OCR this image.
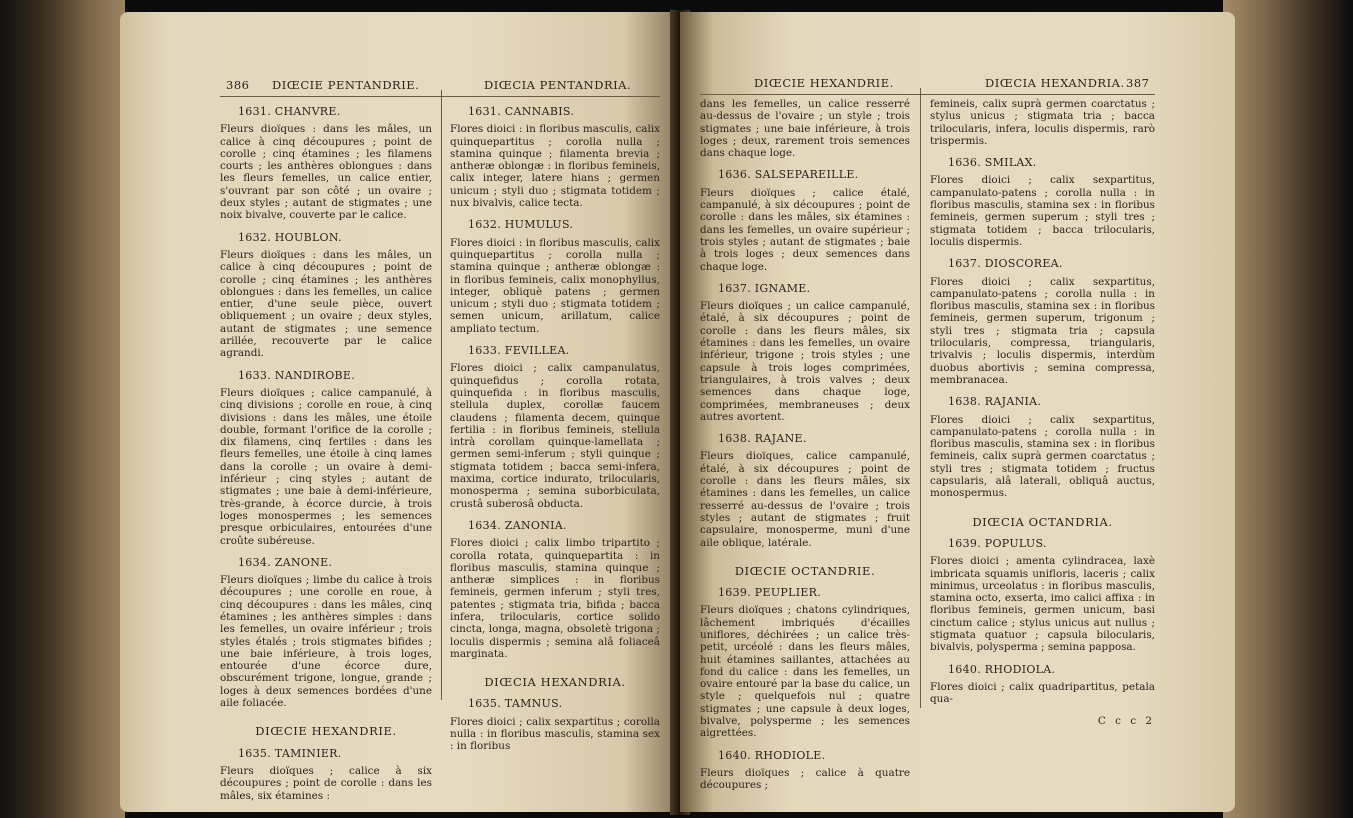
386 DIŒCIE PENTANDRIE.	DIŒCIA PENTANDRIA.
1631. CHANVRE.
Fleurs dioïques : dans les mâles, un calice à cinq découpures ; point de corolle ; cinq étamines ; les filamens courts ; les anthères oblongues : dans les fleurs femelles, un calice entier, s'ouvrant par son côté ; un ovaire ; deux styles ; autant de stigmates ; une noix bivalve, couverte par le calice.
1632. HOUBLON.
Fleurs dioïques : dans les mâles, un calice à cinq découpures ; point de corolle ; cinq étamines ; les anthères oblongues : dans les femelles, un calice entier, d'une seule pièce, ouvert obliquement ; un ovaire ; deux styles, autant de stigmates ; une semence arillée, recouverte par le calice agrandi.
1633. NANDIROBE.
Fleurs dioïques ; calice campanulé, à cinq divisions ; corolle en roue, à cinq divisions : dans les mâles, une étoile double, formant l'orifice de la corolle ; dix filamens, cinq fertiles : dans les fleurs femelles, une étoile à cinq lames dans la corolle ; un ovaire à demi-inférieur ; cinq styles ; autant de stigmates ; une baie à demi-inférieure, très-grande, à écorce durcie, à trois loges monospermes ; les semences presque orbiculaires, entourées d'une croûte subéreuse.
1634. ZANONE.
Fleurs dioïques ; limbe du calice à trois découpures ; une corolle en roue, à cinq découpures : dans les mâles, cinq étamines ; les anthères simples : dans les femelles, un ovaire inférieur ; trois styles étalés ; trois stigmates bifides ; une baie inférieure, à trois loges, entourée d'une écorce dure, obscurément trigone, longue, grande ; loges à deux semences bordées d'une aile foliacée.
DIŒCIE HEXANDRIE.
1635. TAMINIER.
Fleurs dioïques ; calice à six découpures ; point de corolle : dans les mâles, six étamines :
1631. CANNABIS.
Flores dioici : in floribus masculis, calix quinquepartitus ; corolla nulla ; stamina quinque ; filamenta brevia ; antheræ oblongæ : in floribus femineis, calix integer, latere hians ; germen unicum ; styli duo ; stigmata totidem ; nux bivalvis, calice tecta.
1632. HUMULUS.
Flores dioici : in floribus masculis, calix quinquepartitus ; corolla nulla ; stamina quinque ; antheræ oblongæ : in floribus femineis, calix monophyllus, integer, obliquè patens ; germen unicum ; styli duo ; stigmata totidem ; semen unicum, arillatum, calice ampliato tectum.
1633. FEVILLEA.
Flores dioici ; calix campanulatus, quinquefidus ; corolla rotata, quinquefida : in floribus masculis, stellula duplex, corollæ faucem claudens ; filamenta decem, quinque fertilia : in floribus femineis, stellula intrà corollam quinque-lamellata ; germen semi-inferum ; styli quinque ; stigmata totidem ; bacca semi-infera, maxima, cortice indurato, trilocularis, monosperma ; semina suborbiculata, crustâ suberosâ obducta.
1634. ZANONIA.
Flores dioici ; calix limbo tripartito ; corolla rotata, quinquepartita : in floribus masculis, stamina quinque ; antheræ simplices : in floribus femineis, germen inferum ; styli tres, patentes ; stigmata tria, bifida ; bacca infera, trilocularis, cortice solido cincta, longa, magna, obsoletè trigona ; loculis dispermis ; semina alâ foliaceâ marginata.
DIŒCIA HEXANDRIA.
1635. TAMNUS.
Flores dioici ; calix sexpartitus ; corolla nulla : in floribus masculis, stamina sex : in floribus
DIŒCIE HEXANDRIE.	DIŒCIA HEXANDRIA. 387
dans les femelles, un calice resserré au-dessus de l'ovaire ; un style ; trois stigmates ; une baie inférieure, à trois loges ; deux, rarement trois semences dans chaque loge.
1636. SALSEPAREILLE.
Fleurs dioïques ; calice étalé, campanulé, à six découpures ; point de corolle : dans les mâles, six étamines : dans les femelles, un ovaire supérieur ; trois styles ; autant de stigmates ; baie à trois loges ; deux semences dans chaque loge.
1637. IGNAME.
Fleurs dioïques ; un calice campanulé, étalé, à six découpures ; point de corolle : dans les fleurs mâles, six étamines : dans les femelles, un ovaire inférieur, trigone ; trois styles ; une capsule à trois loges comprimées, triangulaires, à trois valves ; deux semences dans chaque loge, comprimées, membraneuses ; deux autres avortent.
1638. RAJANE.
Fleurs dioïques, calice campanulé, étalé, à six découpures ; point de corolle : dans les fleurs mâles, six étamines : dans les femelles, un calice resserré au-dessus de l'ovaire ; trois styles ; autant de stigmates ; fruit capsulaire, monosperme, muni d'une aile oblique, latérale.
DIŒCIE OCTANDRIE.
1639. PEUPLIER.
Fleurs dioïques ; chatons cylindriques, lâchement imbriqués d'écailles uniflores, déchirées ; un calice très-petit, urcéolé : dans les fleurs mâles, huit étamines saillantes, attachées au fond du calice : dans les femelles, un ovaire entouré par la base du calice, un style ; quelquefois nul ; quatre stigmates ; une capsule à deux loges, bivalve, polysperme ; les semences aigrettées.
1640. RHODIOLE.
Fleurs dioïques ; calice à quatre découpures ;
femineis, calix suprà germen coarctatus ; stylus unicus ; stigmata tria ; bacca trilocularis, infera, loculis dispermis, rarò trispermis.
1636. SMILAX.
Flores dioici ; calix sexpartitus, campanulato-patens ; corolla nulla : in floribus masculis, stamina sex : in floribus femineis, germen superum ; styli tres ; stigmata totidem ; bacca trilocularis, loculis dispermis.
1637. DIOSCOREA.
Flores dioici ; calix sexpartitus, campanulato-patens ; corolla nulla : in floribus masculis, stamina sex : in floribus femineis, germen superum, trigonum ; styli tres ; stigmata tria ; capsula trilocularis, compressa, triangularis, trivalvis ; loculis dispermis, interdùm duobus abortivis ; semina compressa, membranacea.
1638. RAJANIA.
Flores dioici ; calix sexpartitus, campanulato-patens ; corolla nulla : in floribus masculis, stamina sex : in floribus femineis, calix suprà germen coarctatus ; styli tres ; stigmata totidem ; fructus capsularis, alâ laterali, obliquâ auctus, monospermus.
DIŒCIA OCTANDRIA.
1639. POPULUS.
Flores dioici ; amenta cylindracea, laxè imbricata squamis unifloris, laceris ; calix minimus, urceolatus : in floribus masculis, stamina octo, exserta, imo calici affixa : in floribus femineis, germen unicum, basi cinctum calice ; stylus unicus aut nullus ; stigmata quatuor ; capsula bilocularis, bivalvis, polysperma ; semina papposa.
1640. RHODIOLA.
Flores dioici ; calix quadripartitus, petala qua-
C c c 2
